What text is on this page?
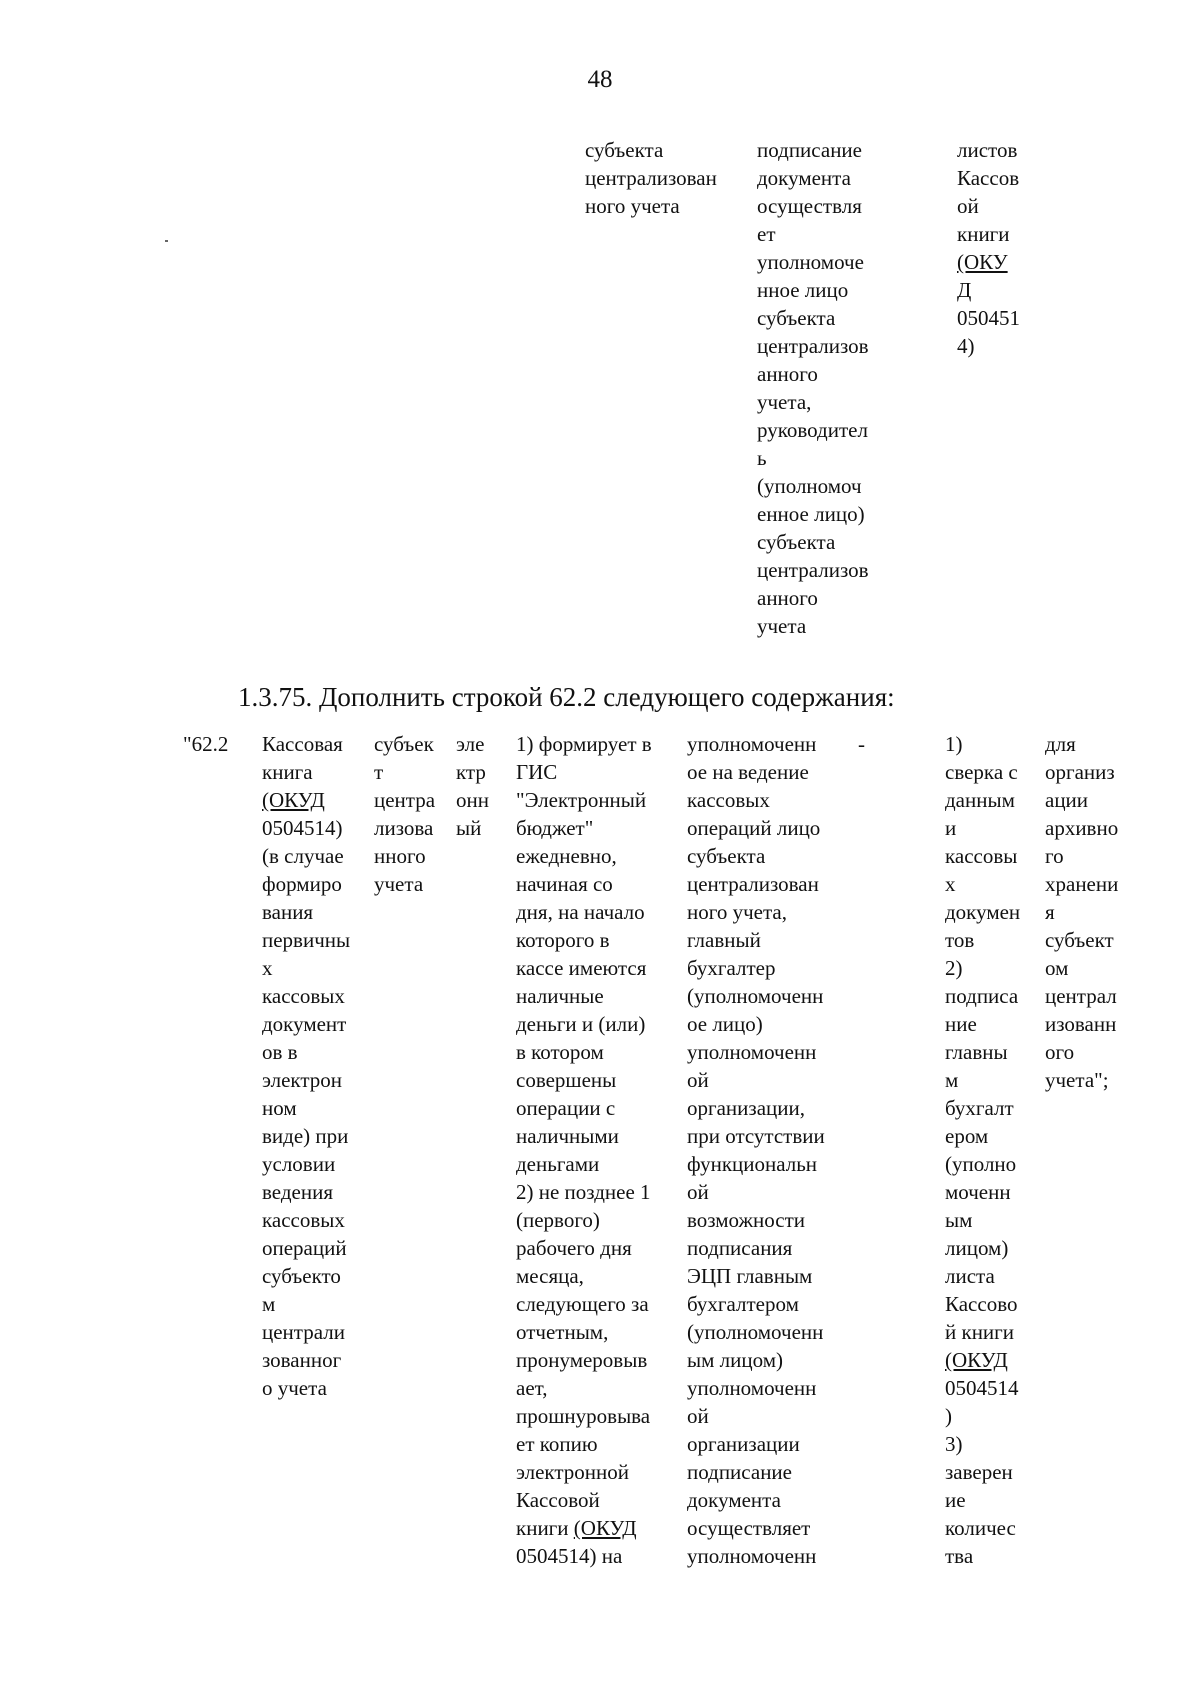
48
субъекта
централизован
ного учета
подписание
документа
осуществля
ет
уполномоче
нное лицо
субъекта
централизов
анного
учета,
руководител
ь
(уполномоч
енное лицо)
субъекта
централизов
анного
учета
листов
Кассов
ой
книги
(ОКУ
Д
050451
4)
1.3.75. Дополнить строкой 62.2 следующего содержания:
"62.2 Кассовая
книга
(ОКУД
0504514)
(в случае
формиро
вания
первичны
х
кассовых
документ
ов в
электрон
ном
виде) при
условии
ведения
кассовых
операций
субъекто
м
централи
зованног
о учета
субъек
т
центра
лизова
нного
учета
эле
ктр
онн
ый
1) формирует в
ГИС
"Электронный
бюджет"
ежедневно,
начиная со
дня, на начало
которого в
кассе имеются
наличные
деньги и (или)
в котором
совершены
операции с
наличными
деньгами
2) не позднее 1
(первого)
рабочего дня
месяца,
следующего за
отчетным,
пронумеровыв
ает,
прошнуровыва
ет копию
электронной
Кассовой
книги (ОКУД
0504514) на
уполномоченн
ое на ведение
кассовых
операций лицо
субъекта
централизован
ного учета,
главный
бухгалтер
(уполномоченн
ое лицо)
уполномоченн
ой
организации,
при отсутствии
функциональн
ой
возможности
подписания
ЭЦП главным
бухгалтером
(уполномоченн
ым лицом)
уполномоченн
ой
организации
подписание
документа
осуществляет
уполномоченн
-	1)
сверка с
данным
и
кассовы
х
докумен
тов
2)
подписа
ние
главны
м
бухгалт
ером
(уполно
моченн
ым
лицом)
листа
Кассово
й книги
(ОКУД
0504514
)
3)
заверен
ие
количес
тва
для
организ
ации
архивно
го
хранени
я
субъект
ом
централ
изованн
ого
учета";
